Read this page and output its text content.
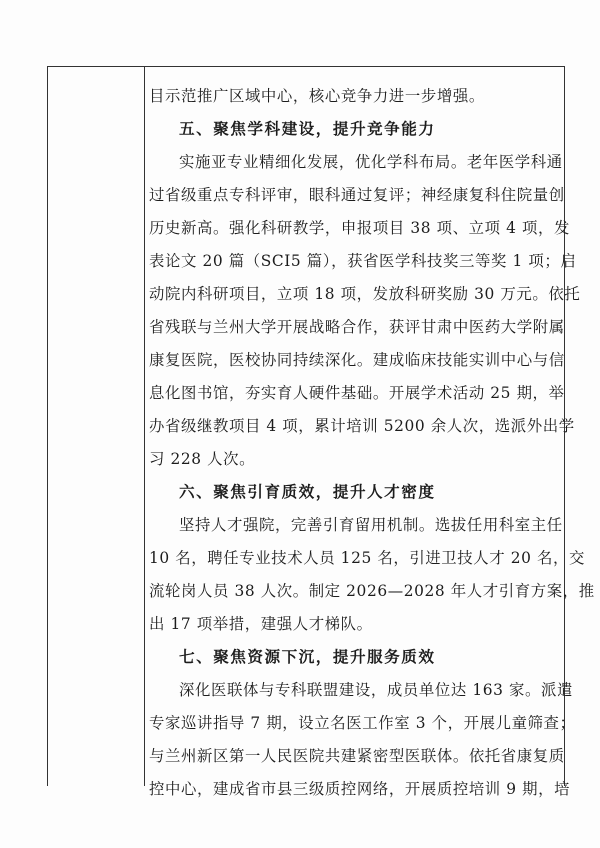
目示范推广区域中心，核心竞争力进一步增强。
五、聚焦学科建设，提升竞争能力
实施亚专业精细化发展，优化学科布局。老年医学科通
过省级重点专科评审，眼科通过复评；神经康复科住院量创
历史新高。强化科研教学，申报项目 38 项、立项 4 项，发
表论文 20 篇（SCI5 篇），获省医学科技奖三等奖 1 项；启
动院内科研项目，立项 18 项，发放科研奖励 30 万元。依托
省残联与兰州大学开展战略合作，获评甘肃中医药大学附属
康复医院，医校协同持续深化。建成临床技能实训中心与信
息化图书馆，夯实育人硬件基础。开展学术活动 25 期，举
办省级继教项目 4 项，累计培训 5200 余人次，选派外出学
习 228 人次。
六、聚焦引育质效，提升人才密度
坚持人才强院，完善引育留用机制。选拔任用科室主任
10 名，聘任专业技术人员 125 名，引进卫技人才 20 名，交
流轮岗人员 38 人次。制定 2026—2028 年人才引育方案，推
出 17 项举措，建强人才梯队。
七、聚焦资源下沉，提升服务质效
深化医联体与专科联盟建设，成员单位达 163 家。派遣
专家巡讲指导 7 期，设立名医工作室 3 个，开展儿童筛查；
与兰州新区第一人民医院共建紧密型医联体。依托省康复质
控中心，建成省市县三级质控网络，开展质控培训 9 期，培
